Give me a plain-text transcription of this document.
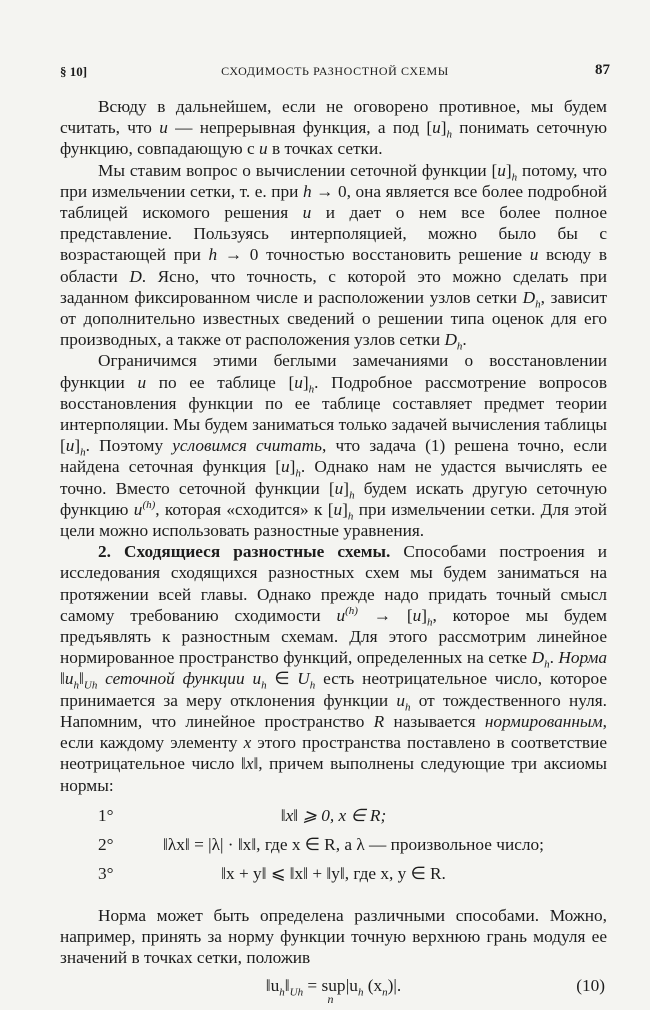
§ 10]	СХОДИМОСТЬ РАЗНОСТНОЙ СХЕМЫ	87

Всюду в дальнейшем, если не оговорено противное, мы будем считать, что u — непрерывная функция, а под $[u]_h$ понимать сеточную функцию, совпадающую с u в точках сетки.

Мы ставим вопрос о вычислении сеточной функции $[u]_h$ потому, что при измельчении сетки, т. е. при h → 0, она является все более подробной таблицей искомого решения u и дает о нем все более полное представление. Пользуясь интерполяцией, можно было бы с возрастающей при h → 0 точностью восстановить решение u всюду в области D. Ясно, что точность, с которой это можно сделать при заданном фиксированном числе и расположении узлов сетки $D_h$, зависит от дополнительно известных сведений о решении типа оценок для его производных, а также от расположения узлов сетки $D_h$.

Ограничимся этими беглыми замечаниями о восстановлении функции u по ее таблице $[u]_h$. Подробное рассмотрение вопросов восстановления функции по ее таблице составляет предмет теории интерполяции. Мы будем заниматься только задачей вычисления таблицы $[u]_h$. Поэтому условимся считать, что задача (1) решена точно, если найдена сеточная функция $[u]_h$. Однако нам не удастся вычислять ее точно. Вместо сеточной функции $[u]_h$ будем искать другую сеточную функцию $u^{(h)}$, которая «сходится» к $[u]_h$ при измельчении сетки. Для этой цели можно использовать разностные уравнения.

2. Сходящиеся разностные схемы. Способами построения и исследования сходящихся разностных схем мы будем заниматься на протяжении всей главы. Однако прежде надо придать точный смысл самому требованию сходимости $u^{(h)} \to [u]_h$, которое мы будем предъявлять к разностным схемам. Для этого рассмотрим линейное нормированное пространство функций, определенных на сетке $D_h$. Норма $‖u_h‖_{Uh}$ сеточной функции $u_h$ ∈ $U_h$ есть неотрицательное число, которое принимается за меру отклонения функции $u_h$ от тождественного нуля. Напомним, что линейное пространство R называется нормированным, если каждому элементу x этого пространства поставлено в соответствие неотрицательное число ‖x‖, причем выполнены следующие три аксиомы нормы:

1°	‖x‖ ⩾ 0, x ∈ R;
2°	‖λx‖ = |λ| · ‖x‖, где x ∈ R, а λ — произвольное число;
3°	‖x + y‖ ⩽ ‖x‖ + ‖y‖, где x, y ∈ R.

Норма может быть определена различными способами. Можно, например, принять за норму функции точную верхнюю грань модуля ее значений в точках сетки, положив

$‖u_h‖_{Uh} = sup_n$ $|u_h$ $(x_n)|$.	(10)
